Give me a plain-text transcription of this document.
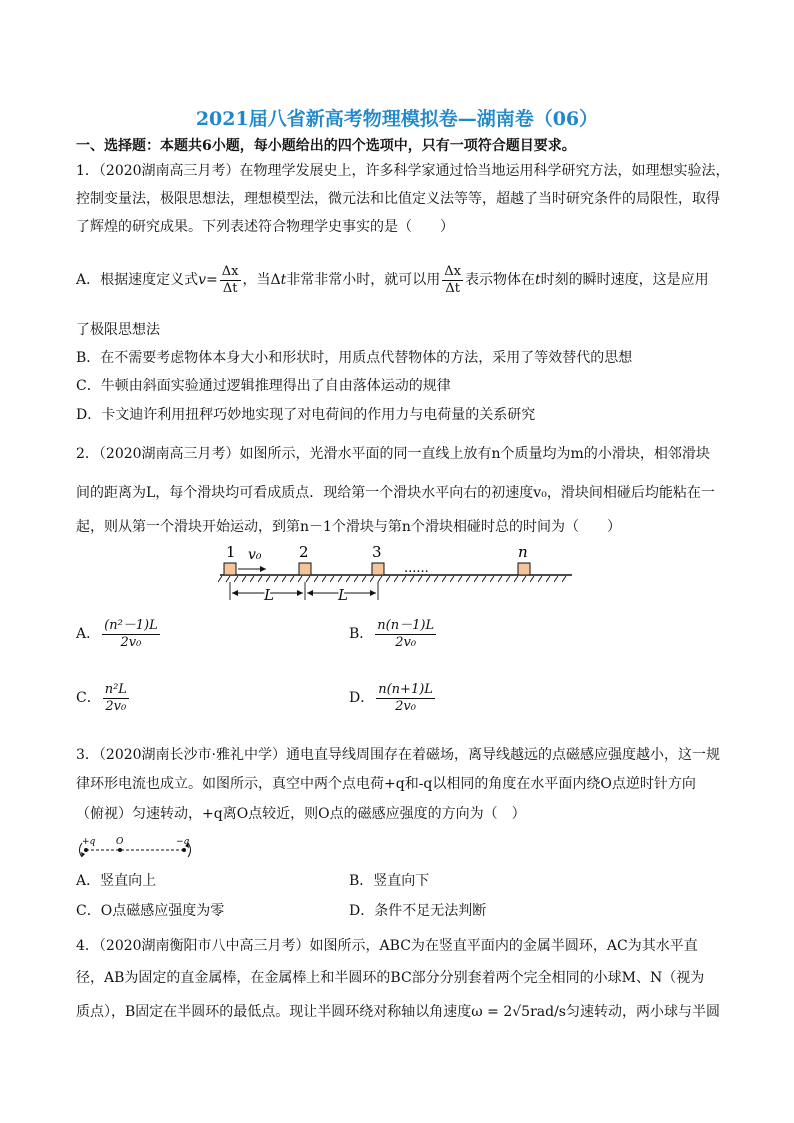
2021届八省新高考物理模拟卷—湖南卷（06）
一、选择题：本题共6小题，每小题给出的四个选项中，只有一项符合题目要求。
1．（2020湖南高三月考）在物理学发展史上，许多科学家通过恰当地运用科学研究方法，如理想实验法，
控制变量法，极限思想法，理想模型法，微元法和比值定义法等等，超越了当时研究条件的局限性，取得
了辉煌的研究成果。下列表述符合物理学史事实的是（　　）
A．根据速度定义式$v= \frac{\Delta x}{\Delta t}$ ，当Δt非常非常小时，就可以用 $\frac{\Delta x}{\Delta t}$ 表示物体在t时刻的瞬时速度，这是应用
了极限思想法
B．在不需要考虑物体本身大小和形状时，用质点代替物体的方法，采用了等效替代的思想
C．牛顿由斜面实验通过逻辑推理得出了自由落体运动的规律
D．卡文迪许利用扭秤巧妙地实现了对电荷间的作用力与电荷量的关系研究
2．（2020湖南高三月考）如图所示，光滑水平面的同一直线上放有n个质量均为m的小滑块，相邻滑块
间的距离为L，每个滑块均可看成质点．现给第一个滑块水平向右的初速度v₀，滑块间相碰后均能粘在一
起，则从第一个滑块开始运动，到第n－1个滑块与第n个滑块相碰时总的时间为（　　）
1	2	3	n
v₀
......
L	L
A． $\frac{\text{(n²－1)L}}{\text{2v₀}}$	B． $\frac{n(n-1)L}{\text{2v₀}}$
C． $\frac{\text{n²L}}{\text{2v₀}}$	D． $\frac{n(n+1)L}{\text{2v₀}}$
3．（2020湖南长沙市·雅礼中学）通电直导线周围存在着磁场，离导线越远的点磁感应强度越小，这一规
律环形电流也成立。如图所示，真空中两个点电荷+q和-q以相同的角度在水平面内绕O点逆时针方向
（俯视）匀速转动，+q离O点较近，则O点的磁感应强度的方向为（　）
+q O	−q
A．竖直向上	B．竖直向下
C．O点磁感应强度为零	D．条件不足无法判断
4．（2020湖南衡阳市八中高三月考）如图所示，ABC为在竖直平面内的金属半圆环，AC为其水平直
径，AB为固定的直金属棒，在金属棒上和半圆环的BC部分分别套着两个完全相同的小球M、N（视为
质点），B固定在半圆环的最低点。现让半圆环绕对称轴以角速度ω = 2√5rad/s匀速转动，两小球与半圆
